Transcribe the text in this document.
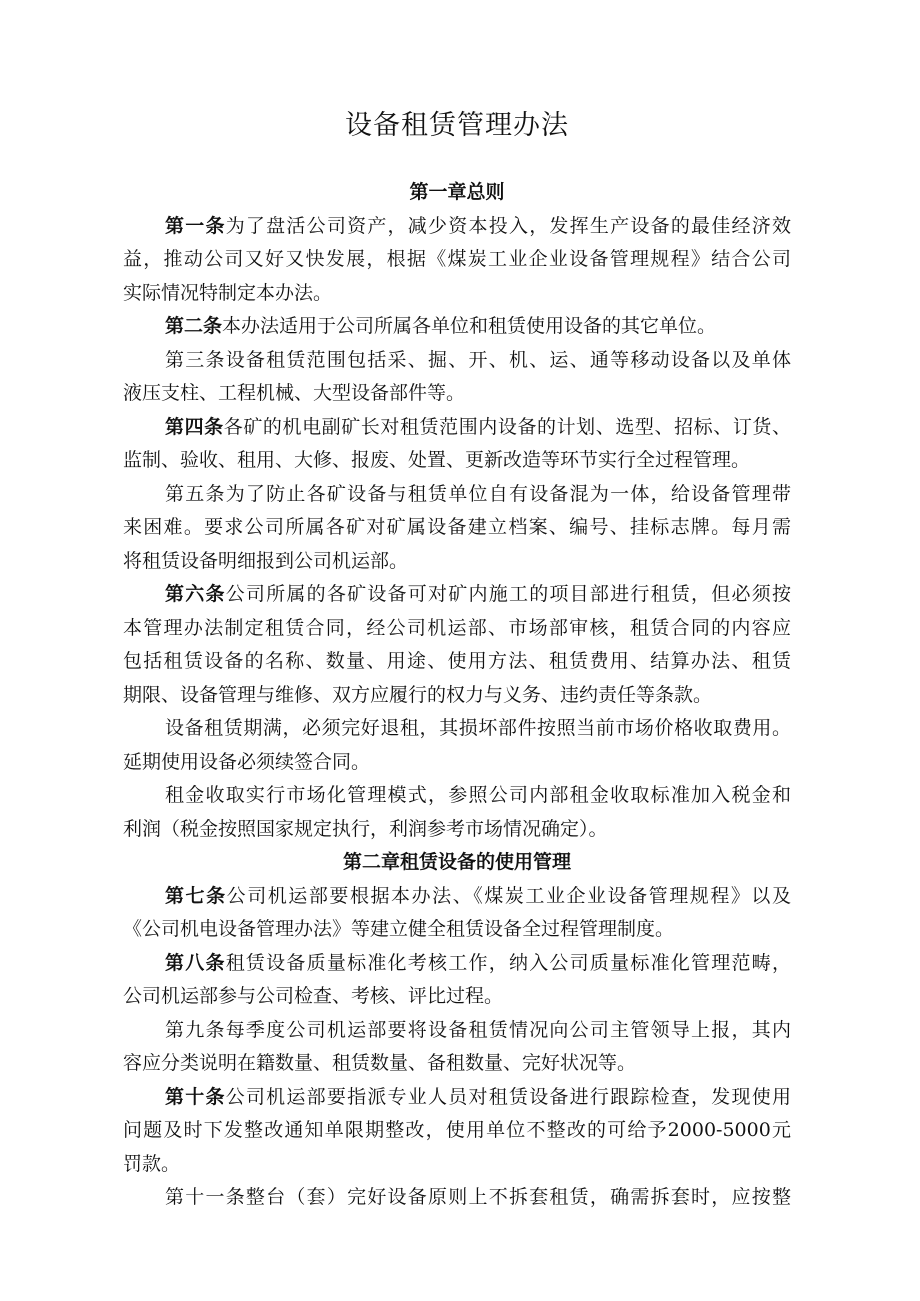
设备租赁管理办法
第一章总则
第一条为了盘活公司资产，减少资本投入，发挥生产设备的最佳经济效
益，推动公司又好又快发展，根据《煤炭工业企业设备管理规程》结合公司
实际情况特制定本办法。
第二条本办法适用于公司所属各单位和租赁使用设备的其它单位。
第三条设备租赁范围包括采、掘、开、机、运、通等移动设备以及单体
液压支柱、工程机械、大型设备部件等。
第四条各矿的机电副矿长对租赁范围内设备的计划、选型、招标、订货、
监制、验收、租用、大修、报废、处置、更新改造等环节实行全过程管理。
第五条为了防止各矿设备与租赁单位自有设备混为一体，给设备管理带
来困难。要求公司所属各矿对矿属设备建立档案、编号、挂标志牌。每月需
将租赁设备明细报到公司机运部。
第六条公司所属的各矿设备可对矿内施工的项目部进行租赁，但必须按
本管理办法制定租赁合同，经公司机运部、市场部审核，租赁合同的内容应
包括租赁设备的名称、数量、用途、使用方法、租赁费用、结算办法、租赁
期限、设备管理与维修、双方应履行的权力与义务、违约责任等条款。
设备租赁期满，必须完好退租，其损坏部件按照当前市场价格收取费用。
延期使用设备必须续签合同。
租金收取实行市场化管理模式，参照公司内部租金收取标准加入税金和
利润（税金按照国家规定执行，利润参考市场情况确定）。
第二章租赁设备的使用管理
第七条公司机运部要根据本办法、《煤炭工业企业设备管理规程》以及
《公司机电设备管理办法》等建立健全租赁设备全过程管理制度。
第八条租赁设备质量标准化考核工作，纳入公司质量标准化管理范畴，
公司机运部参与公司检查、考核、评比过程。
第九条每季度公司机运部要将设备租赁情况向公司主管领导上报，其内
容应分类说明在籍数量、租赁数量、备租数量、完好状况等。
第十条公司机运部要指派专业人员对租赁设备进行跟踪检查，发现使用
问题及时下发整改通知单限期整改，使用单位不整改的可给予2000-5000元
罚款。
第十一条整台（套）完好设备原则上不拆套租赁，确需拆套时，应按整
